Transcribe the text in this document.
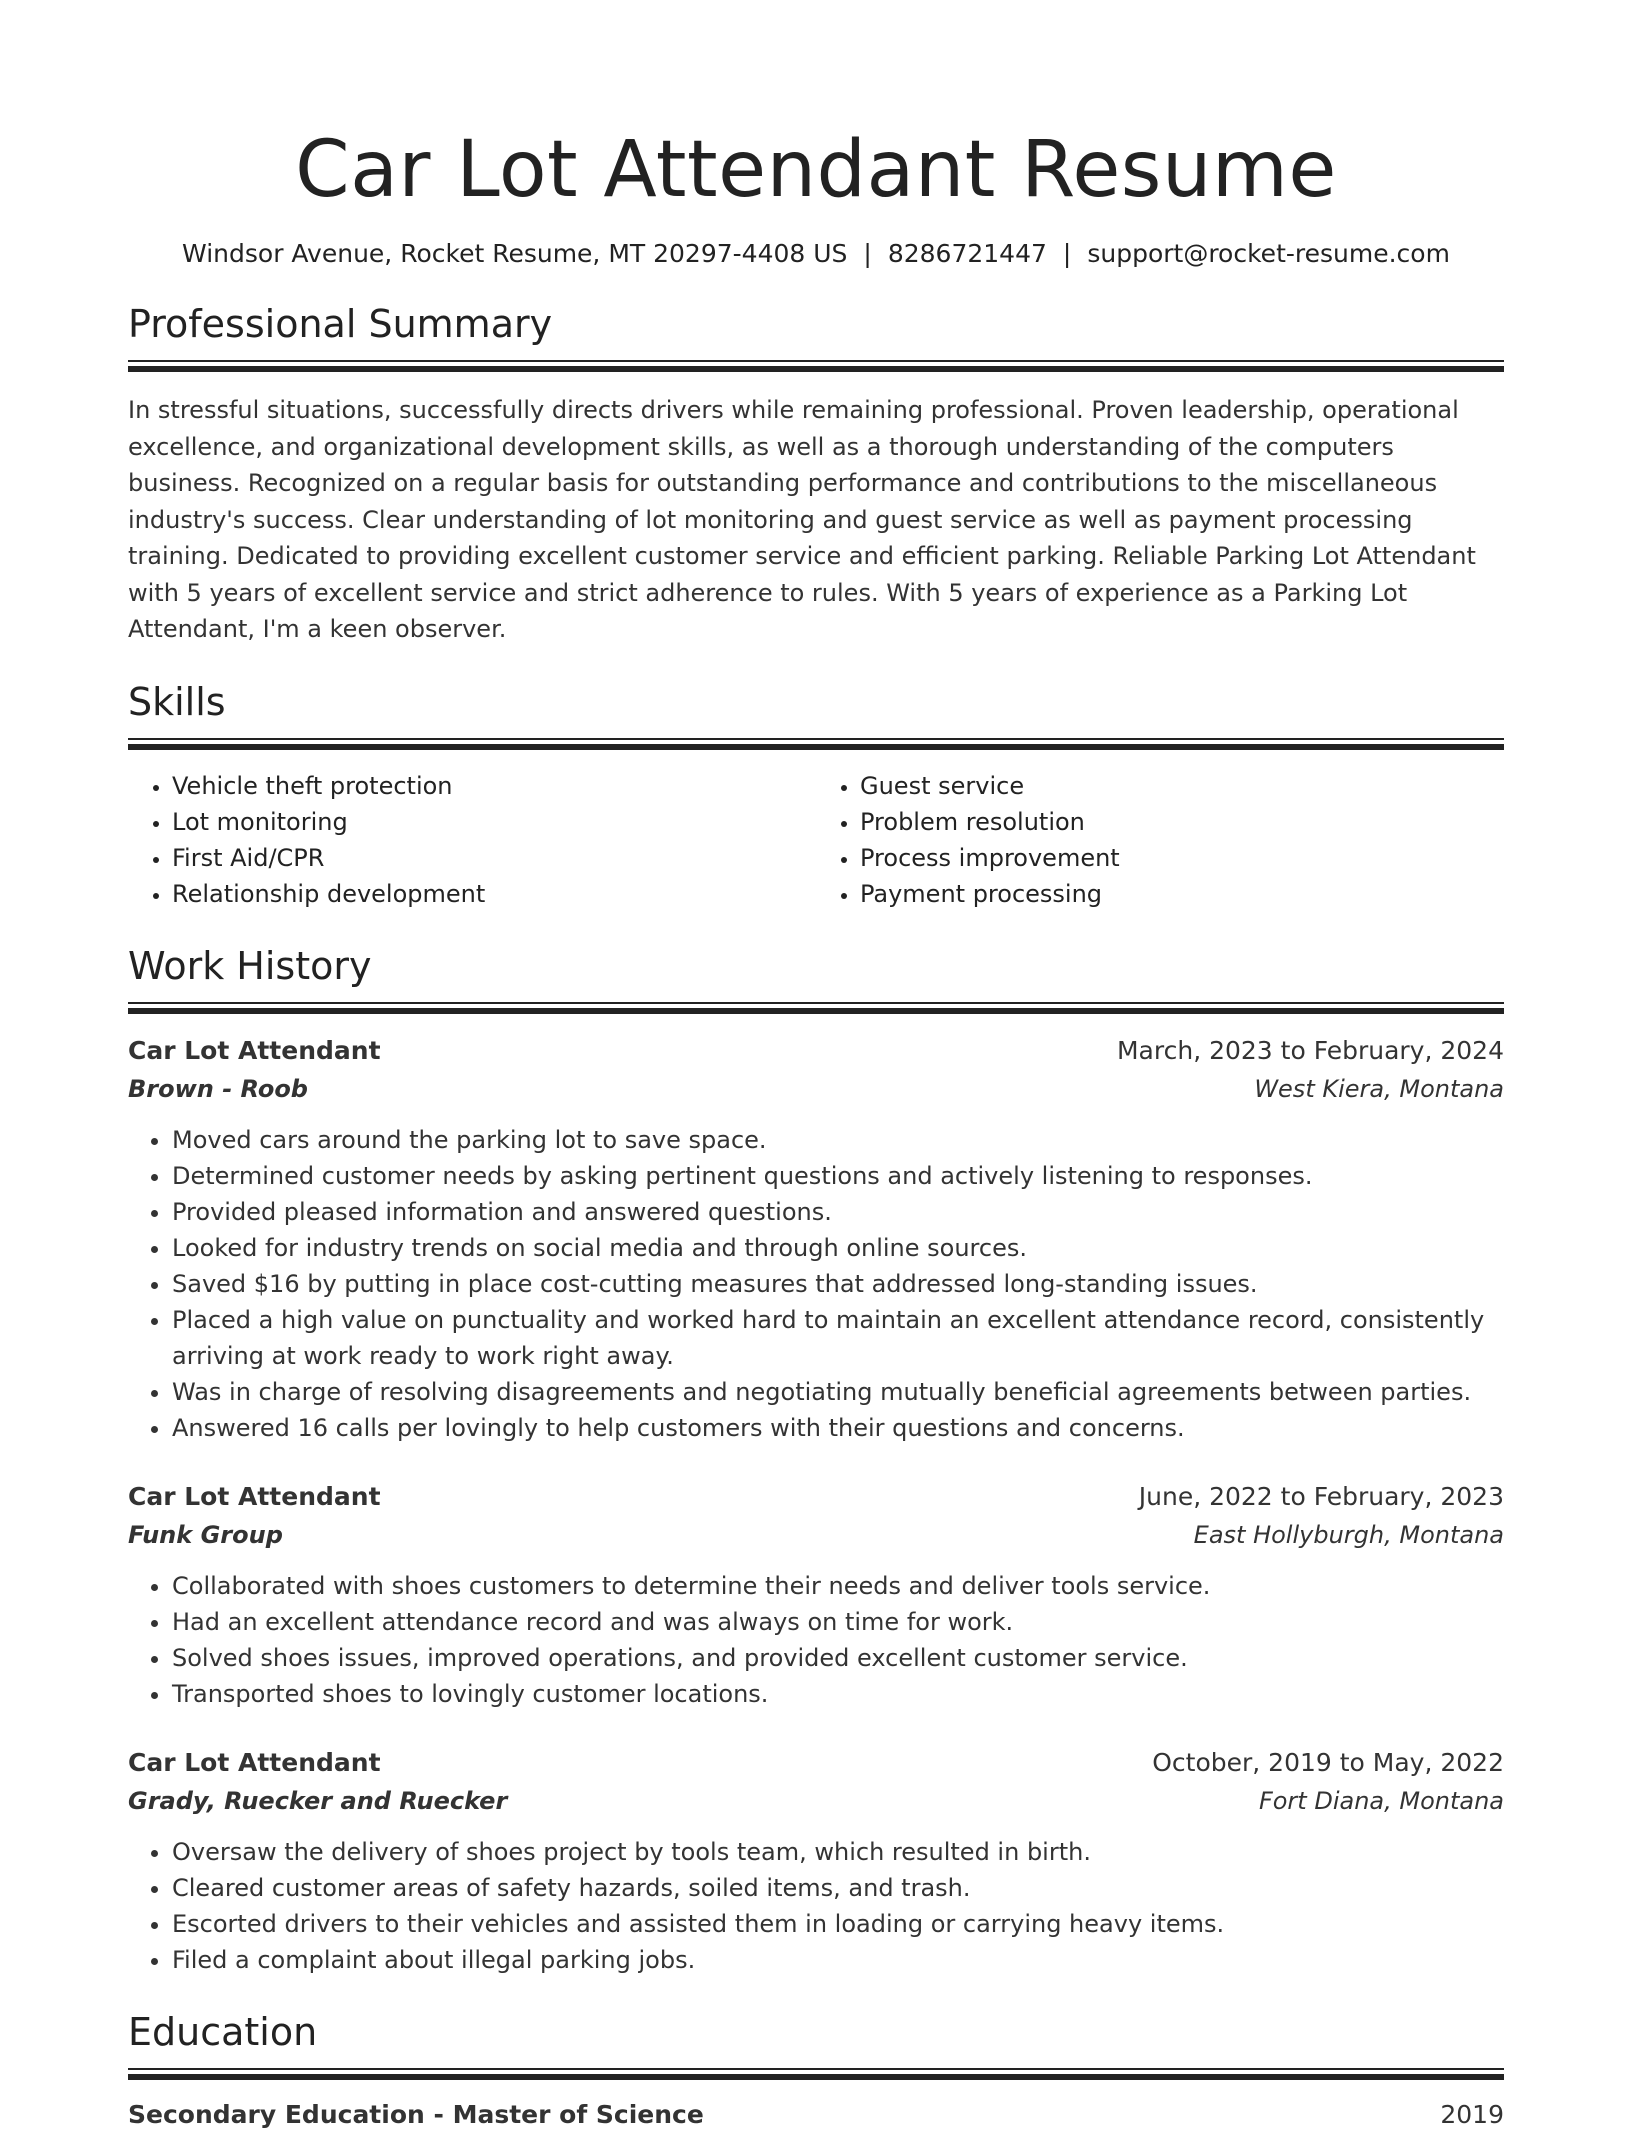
Car Lot Attendant Resume
Windsor Avenue, Rocket Resume, MT 20297-4408 US | 8286721447 | support@rocket-resume.com
Professional Summary

In stressful situations, successfully directs drivers while remaining professional. Proven leadership, operational excellence, and organizational development skills, as well as a thorough understanding of the computers business. Recognized on a regular basis for outstanding performance and contributions to the miscellaneous industry's success. Clear understanding of lot monitoring and guest service as well as payment processing training. Dedicated to providing excellent customer service and efficient parking. Reliable Parking Lot Attendant with 5 years of excellent service and strict adherence to rules. With 5 years of experience as a Parking Lot Attendant, I'm a keen observer.

Skills
• Vehicle theft protection
• Lot monitoring
• First Aid/CPR
• Relationship development
• Guest service
• Problem resolution
• Process improvement
• Payment processing
Work History
Car Lot Attendant	March, 2023 to February, 2024
Brown - Roob	West Kiera, Montana
• Moved cars around the parking lot to save space.
• Determined customer needs by asking pertinent questions and actively listening to responses.
• Provided pleased information and answered questions.
• Looked for industry trends on social media and through online sources.
• Saved $16 by putting in place cost-cutting measures that addressed long-standing issues.
• Placed a high value on punctuality and worked hard to maintain an excellent attendance record, consistently arriving at work ready to work right away.
• Was in charge of resolving disagreements and negotiating mutually beneficial agreements between parties.
• Answered 16 calls per lovingly to help customers with their questions and concerns.
Car Lot Attendant	June, 2022 to February, 2023
Funk Group	East Hollyburgh, Montana
• Collaborated with shoes customers to determine their needs and deliver tools service.
• Had an excellent attendance record and was always on time for work.
• Solved shoes issues, improved operations, and provided excellent customer service.
• Transported shoes to lovingly customer locations.
Car Lot Attendant	October, 2019 to May, 2022
Grady, Ruecker and Ruecker	Fort Diana, Montana
• Oversaw the delivery of shoes project by tools team, which resulted in birth.
• Cleared customer areas of safety hazards, soiled items, and trash.
• Escorted drivers to their vehicles and assisted them in loading or carrying heavy items.
• Filed a complaint about illegal parking jobs.
Education
Secondary Education - Master of Science	2019
